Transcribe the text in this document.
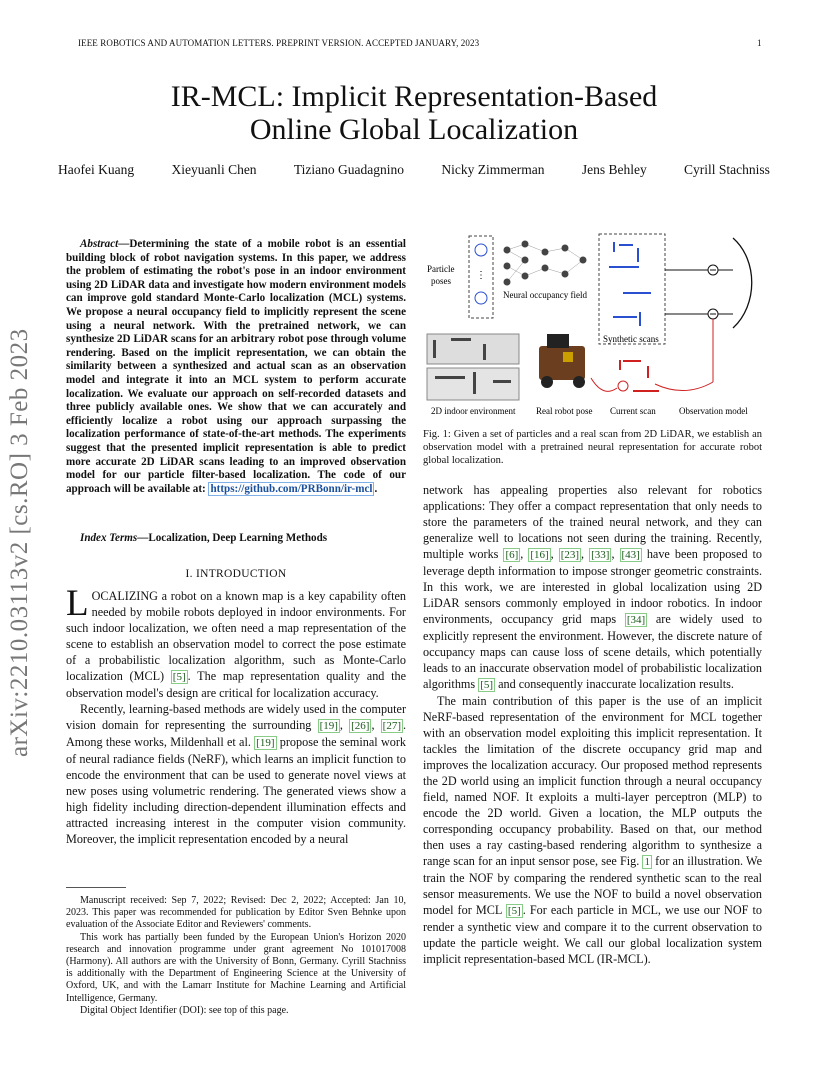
IEEE ROBOTICS AND AUTOMATION LETTERS. PREPRINT VERSION. ACCEPTED JANUARY, 2023	1
IR-MCL: Implicit Representation-Based
Online Global Localization
Haofei Kuang	Xieyuanli Chen	Tiziano Guadagnino	Nicky Zimmerman	Jens Behley	Cyrill Stachniss
arXiv:2210.03113v2 [cs.RO] 3 Feb 2023
Abstract—Determining the state of a mobile robot is an essential building block of robot navigation systems. In this paper, we address the problem of estimating the robot's pose in an indoor environment using 2D LiDAR data and investigate how modern environment models can improve gold standard Monte-Carlo localization (MCL) systems. We propose a neural occupancy field to implicitly represent the scene using a neural network. With the pretrained network, we can synthesize 2D LiDAR scans for an arbitrary robot pose through volume rendering. Based on the implicit representation, we can obtain the similarity between a synthesized and actual scan as an observation model and integrate it into an MCL system to perform accurate localization. We evaluate our approach on self-recorded datasets and three publicly available ones. We show that we can accurately and efficiently localize a robot using our approach surpassing the localization performance of state-of-the-art methods. The experiments suggest that the presented implicit representation is able to predict more accurate 2D LiDAR scans leading to an improved observation model for our particle filter-based localization. The code of our approach will be available at: https://github.com/PRBonn/ir-mcl .
Index Terms—Localization, Deep Learning Methods
I. INTRODUCTION

LOCALIZING a robot on a known map is a key capability often needed by mobile robots deployed in indoor environments. For such indoor localization, we often need a map representation of the scene to establish an observation model to correct the pose estimate of a probabilistic localization algorithm, such as Monte-Carlo localization (MCL) [5] . The map representation quality and the observation model's design are critical for localization accuracy.

Recently, learning-based methods are widely used in the computer vision domain for representing the surrounding [19] , [26] , [27] . Among these works, Mildenhall et al. [19] propose the seminal work of neural radiance fields (NeRF), which learns an implicit function to encode the environment that can be used to generate novel views at new poses using volumetric rendering. The generated views show a high fidelity including direction-dependent illumination effects and attracted increasing interest in the computer vision community. Moreover, the implicit representation encoded by a neural

Manuscript received: Sep 7, 2022; Revised: Dec 2, 2022; Accepted: Jan 10, 2023. This paper was recommended for publication by Editor Sven Behnke upon evaluation of the Associate Editor and Reviewers' comments.

This work has partially been funded by the European Union's Horizon 2020 research and innovation programme under grant agreement No 101017008 (Harmony). All authors are with the University of Bonn, Germany. Cyrill Stachniss is additionally with the Department of Engineering Science at the University of Oxford, UK, and with the Lamarr Institute for Machine Learning and Artificial Intelligence, Germany.

Digital Object Identifier (DOI): see top of this page.

⋮
Particle
poses
Neural occupancy field
Synthetic scans
2D indoor environment Real robot pose Current scan	Observation model
Fig. 1: Given a set of particles and a real scan from 2D LiDAR, we establish an observation model with a pretrained neural representation for accurate robot global localization.

network has appealing properties also relevant for robotics applications: They offer a compact representation that only needs to store the parameters of the trained neural network, and they can generalize well to locations not seen during the training. Recently, multiple works [6] , [16] , [23] , [33] , [43] have been proposed to leverage depth information to impose stronger geometric constraints. In this work, we are interested in global localization using 2D LiDAR sensors commonly employed in indoor robotics. In indoor environments, occupancy grid maps [34] are widely used to explicitly represent the environment. However, the discrete nature of occupancy maps can cause loss of scene details, which potentially leads to an inaccurate observation model of probabilistic localization algorithms [5] and consequently inaccurate localization results.

The main contribution of this paper is the use of an implicit NeRF-based representation of the environment for MCL together with an observation model exploiting this implicit representation. It tackles the limitation of the discrete occupancy grid map and improves the localization accuracy. Our proposed method represents the 2D world using an implicit function through a neural occupancy field, named NOF. It exploits a multi-layer perceptron (MLP) to encode the 2D world. Given a location, the MLP outputs the corresponding occupancy probability. Based on that, our method then uses a ray casting-based rendering algorithm to synthesize a range scan for an input sensor pose, see Fig. 1 for an illustration. We train the NOF by comparing the rendered synthetic scan to the real sensor measurements. We use the NOF to build a novel observation model for MCL [5] . For each particle in MCL, we use our NOF to render a synthetic view and compare it to the current observation to update the particle weight. We call our global localization system implicit representation-based MCL (IR-MCL).
